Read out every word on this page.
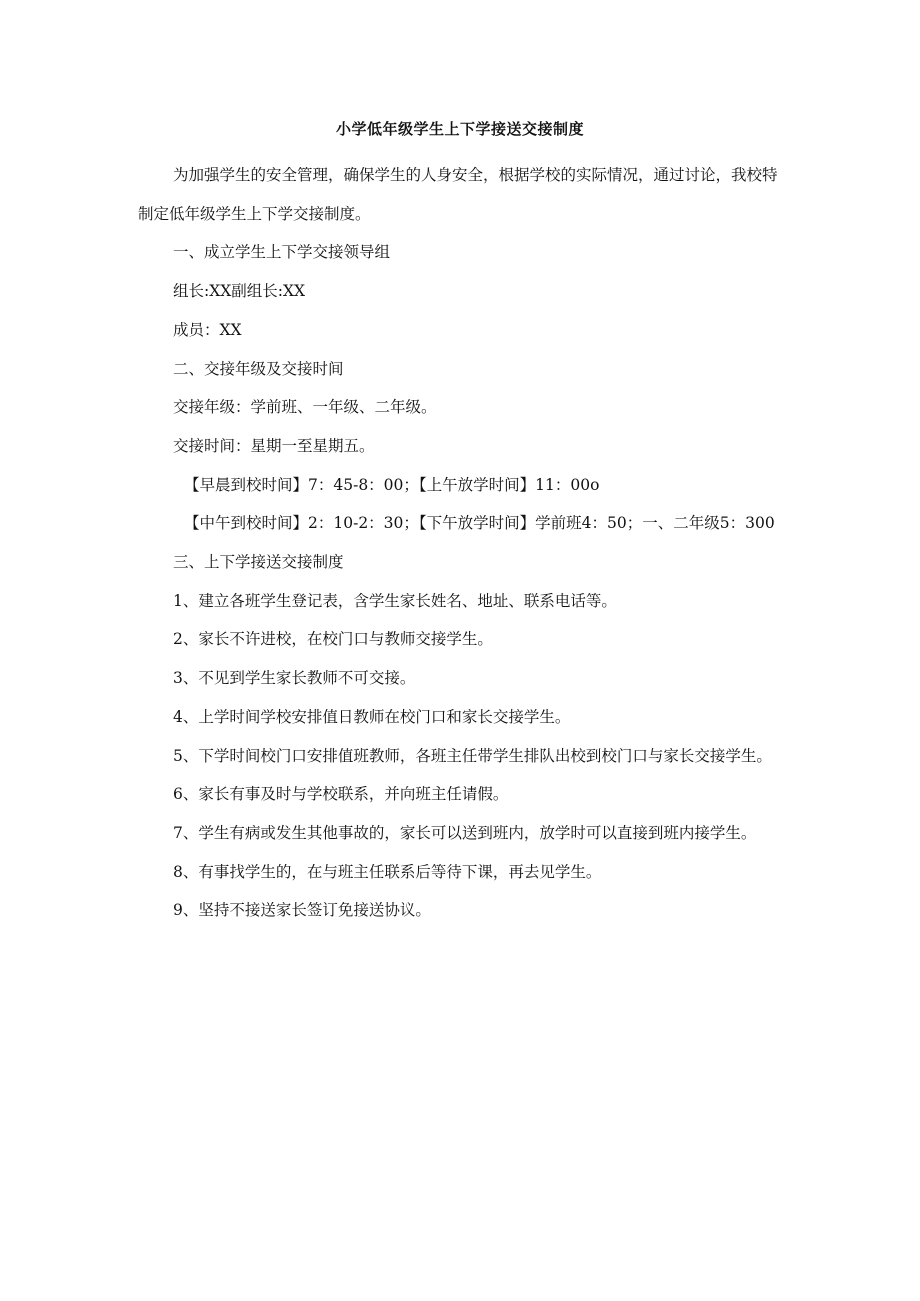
小学低年级学生上下学接送交接制度

为加强学生的安全管理，确保学生的人身安全，根据学校的实际情况，通过讨论，我校特制定低年级学生上下学交接制度。

一、成立学生上下学交接领导组

组长:XX副组长:XX

成员：XX

二、交接年级及交接时间

交接年级：学前班、一年级、二年级。

交接时间：星期一至星期五。

【早晨到校时间】7：45-8：00；【上午放学时间】11：00o

【中午到校时间】2：10-2：30；【下午放学时间】学前班4：50；一、二年级5：300

三、上下学接送交接制度

1、建立各班学生登记表，含学生家长姓名、地址、联系电话等。

2、家长不许进校，在校门口与教师交接学生。

3、不见到学生家长教师不可交接。

4、上学时间学校安排值日教师在校门口和家长交接学生。

5、下学时间校门口安排值班教师，各班主任带学生排队出校到校门口与家长交接学生。

6、家长有事及时与学校联系，并向班主任请假。

7、学生有病或发生其他事故的，家长可以送到班内，放学时可以直接到班内接学生。

8、有事找学生的，在与班主任联系后等待下课，再去见学生。

9、坚持不接送家长签订免接送协议。
